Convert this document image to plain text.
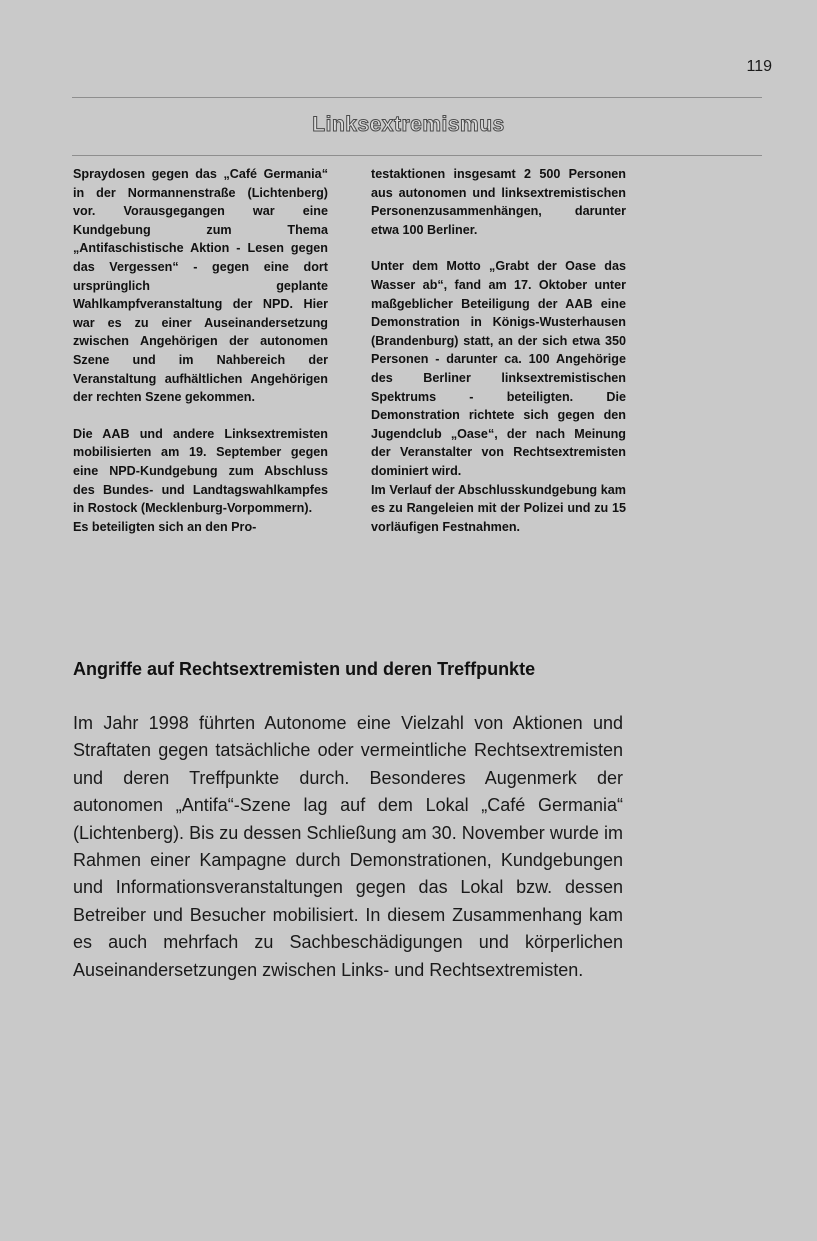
119
Linksextremismus

Spraydosen gegen das „Café Germania“ in der Normannenstraße (Lichtenberg) vor. Vorausgegangen war eine Kundgebung zum Thema „Antifaschistische Aktion - Lesen gegen das Vergessen“ - gegen eine dort ursprünglich geplante Wahlkampfveranstaltung der NPD. Hier war es zu einer Auseinandersetzung zwischen Angehörigen der autonomen Szene und im Nahbereich der Veranstaltung aufhältlichen Angehörigen der rechten Szene gekommen.

Die AAB und andere Linksextremisten mobilisierten am 19. September gegen eine NPD-Kundgebung zum Abschluss des Bundes- und Landtagswahlkampfes in Rostock (Mecklenburg-Vorpommern).

Es beteiligten sich an den Pro-

testaktionen insgesamt 2 500 Personen aus autonomen und linksextremistischen Personenzusammenhängen, darunter etwa 100 Berliner.

Unter dem Motto „Grabt der Oase das Wasser ab“, fand am 17. Oktober unter maßgeblicher Beteiligung der AAB eine Demonstration in Königs-Wusterhausen (Brandenburg) statt, an der sich etwa 350 Personen - darunter ca. 100 Angehörige des Berliner linksextremistischen Spektrums - beteiligten. Die Demonstration richtete sich gegen den Jugendclub „Oase“, der nach Meinung der Veranstalter von Rechtsextremisten dominiert wird.

Im Verlauf der Abschlusskundgebung kam es zu Rangeleien mit der Polizei und zu 15 vorläufigen Festnahmen.

Angriffe auf Rechtsextremisten und deren Treffpunkte

Im Jahr 1998 führten Autonome eine Vielzahl von Aktionen und Straftaten gegen tatsächliche oder vermeintliche Rechtsextremisten und deren Treffpunkte durch. Besonderes Augenmerk der autonomen „Antifa“-Szene lag auf dem Lokal „Café Germania“ (Lichtenberg). Bis zu dessen Schließung am 30. November wurde im Rahmen einer Kampagne durch Demonstrationen, Kundgebungen und Informationsveranstaltungen gegen das Lokal bzw. dessen Betreiber und Besucher mobilisiert. In diesem Zusammenhang kam es auch mehrfach zu Sachbeschädigungen und körperlichen Auseinandersetzungen zwischen Links- und Rechtsextremisten.
